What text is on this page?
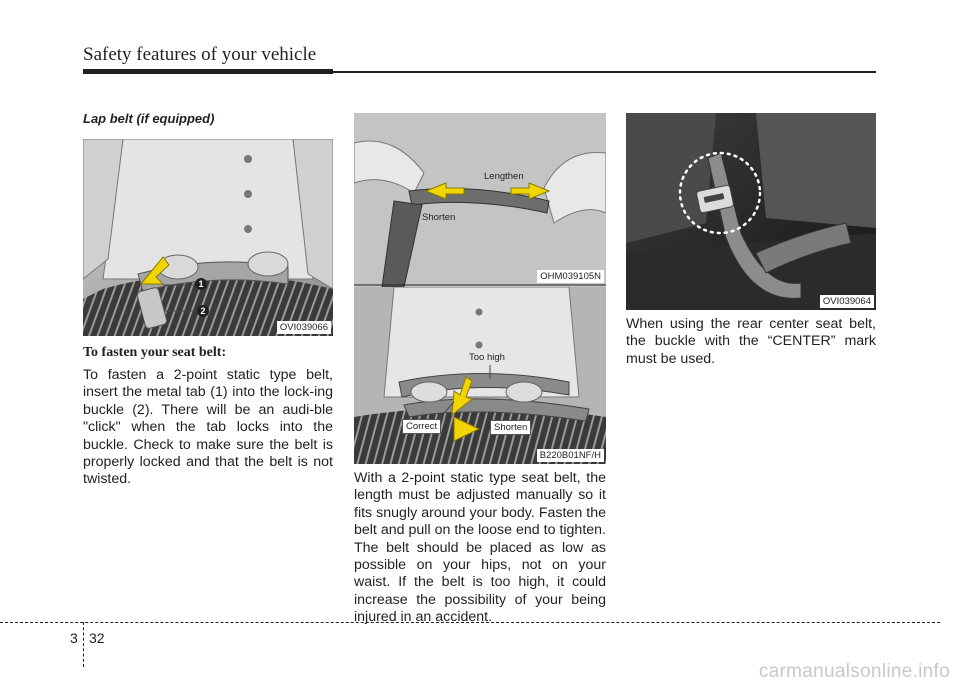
Safety features of your vehicle
Lap belt (if equipped)
1
2
OVI039066
Lengthen
Shorten
OHM039105N
Too high
Correct	Shorten
B220B01NF/H
OVI039064
To fasten your seat belt:
To fasten a 2-point static type belt, insert the metal tab (1) into the lock-ing buckle (2). There will be an audi-ble "click" when the tab locks into the buckle. Check to make sure the belt is properly locked and that the belt is not twisted.	With a 2-point static type seat belt, the length must be adjusted manually so it fits snugly around your body. Fasten the belt and pull on the loose end to tighten. The belt should be placed as low as possible on your hips, not on your waist. If the belt is too high, it could increase the possibility of your being injured in an accident.
When using the rear center seat belt, the buckle with the “CENTER” mark must be used.
3 32
carmanualsonline.info
